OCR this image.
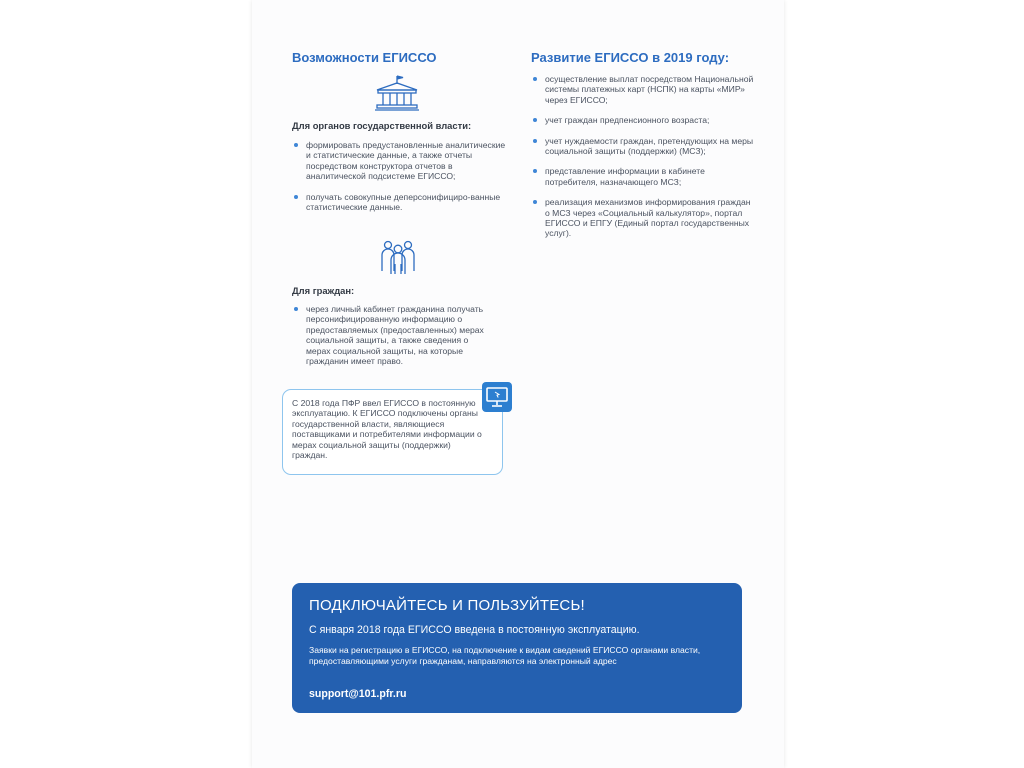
Возможности ЕГИССО
Для органов государственной власти:
формировать предустановленные аналитические и статистические данные, а также отчеты посредством конструктора отчетов в аналитической подсистеме ЕГИССО;
получать совокупные деперсонифициро-ванные статистические данные.
Для граждан:
через личный кабинет гражданина получать персонифицированную информацию о предоставляемых (предоставленных) мерах социальной защиты, а также сведения о мерах социальной защиты, на которые гражданин имеет право.

С 2018 года ПФР ввел ЕГИССО в постоянную эксплуатацию. К ЕГИССО подключены органы государственной власти, являющиеся поставщиками и потребителями информации о мерах социальной защиты (поддержки) граждан.

Развитие ЕГИССО в 2019 году:
осуществление выплат посредством Национальной системы платежных карт (НСПК) на карты «МИР» через ЕГИССО;
учет граждан предпенсионного возраста;
учет нуждаемости граждан, претендующих на меры социальной защиты (поддержки) (МСЗ);
представление информации в кабинете потребителя, назначающего МСЗ;
реализация механизмов информирования граждан о МСЗ через «Социальный калькулятор», портал ЕГИССО и ЕПГУ (Единый портал государственных услуг).
ПОДКЛЮЧАЙТЕСЬ И ПОЛЬЗУЙТЕСЬ!
С января 2018 года ЕГИССО введена в постоянную эксплуатацию.

Заявки на регистрацию в ЕГИССО, на подключение к видам сведений ЕГИССО органами власти, предоставляющими услуги гражданам, направляются на электронный адрес

support@101.pfr.ru
